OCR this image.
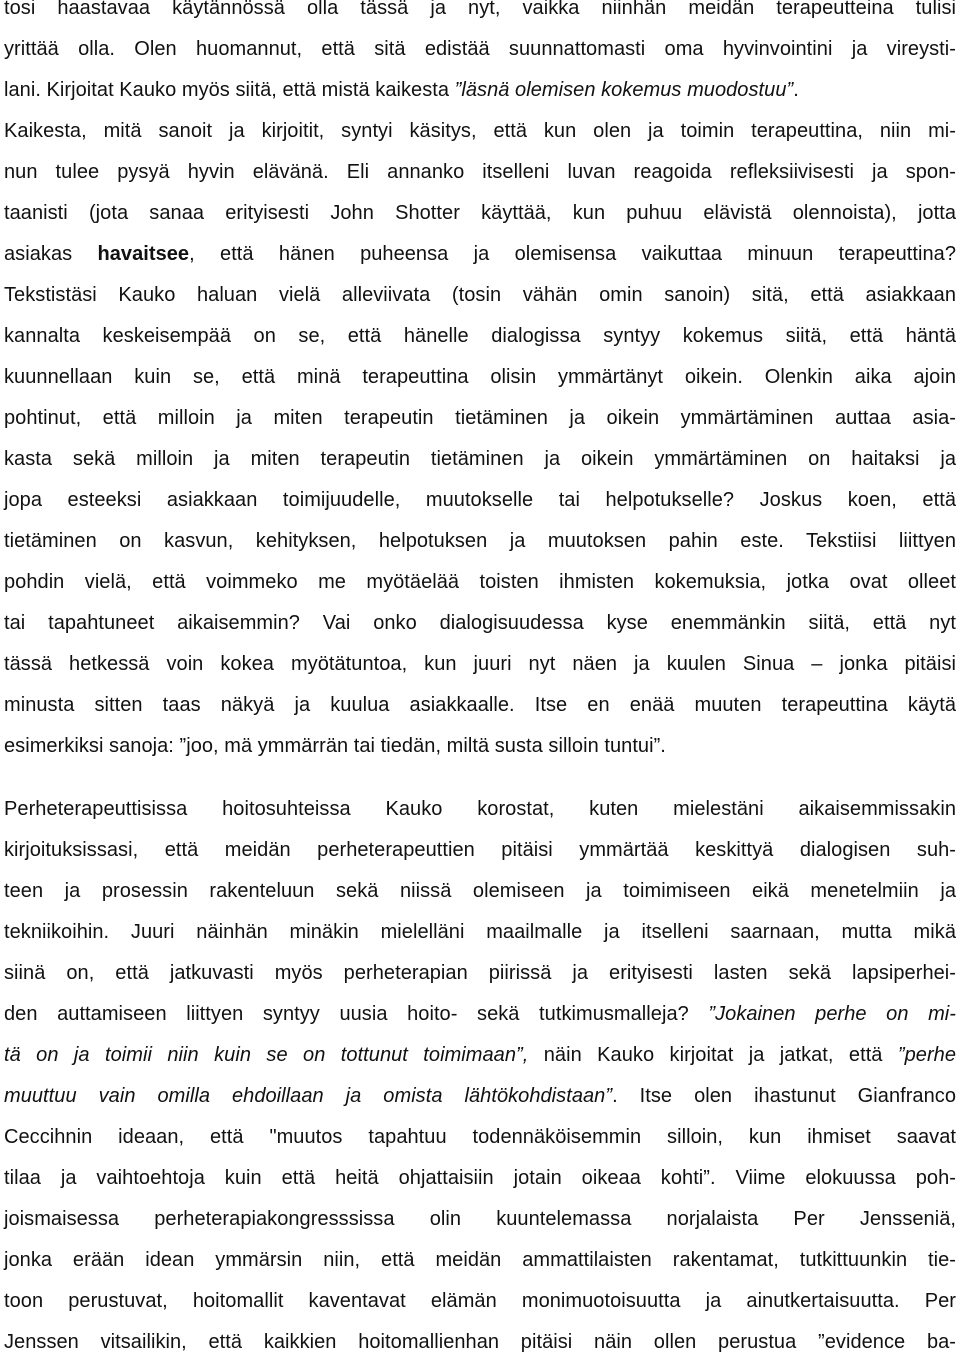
tosi haastavaa käytännössä olla tässä ja nyt, vaikka niinhän meidän terapeutteina tulisi
yrittää olla. Olen huomannut, että sitä edistää suunnattomasti oma hyvinvointini ja vireysti-
lani. Kirjoitat Kauko myös siitä, että mistä kaikesta ”läsnä olemisen kokemus muodostuu”.
Kaikesta, mitä sanoit ja kirjoitit, syntyi käsitys, että kun olen ja toimin terapeuttina, niin mi-
nun tulee pysyä hyvin elävänä. Eli annanko itselleni luvan reagoida refleksiivisesti ja spon-
taanisti (jota sanaa erityisesti John Shotter käyttää, kun puhuu elävistä olennoista), jotta
asiakas havaitsee, että hänen puheensa ja olemisensa vaikuttaa minuun terapeuttina?
Tekstistäsi Kauko haluan vielä alleviivata (tosin vähän omin sanoin) sitä, että asiakkaan
kannalta keskeisempää on se, että hänelle dialogissa syntyy kokemus siitä, että häntä
kuunnellaan kuin se, että minä terapeuttina olisin ymmärtänyt oikein. Olenkin aika ajoin
pohtinut, että milloin ja miten terapeutin tietäminen ja oikein ymmärtäminen auttaa asia-
kasta sekä milloin ja miten terapeutin tietäminen ja oikein ymmärtäminen on haitaksi ja
jopa esteeksi asiakkaan toimijuudelle, muutokselle tai helpotukselle? Joskus koen, että
tietäminen on kasvun, kehityksen, helpotuksen ja muutoksen pahin este. Tekstiisi liittyen
pohdin vielä, että voimmeko me myötäelää toisten ihmisten kokemuksia, jotka ovat olleet
tai tapahtuneet aikaisemmin? Vai onko dialogisuudessa kyse enemmänkin siitä, että nyt
tässä hetkessä voin kokea myötätuntoa, kun juuri nyt näen ja kuulen Sinua – jonka pitäisi
minusta sitten taas näkyä ja kuulua asiakkaalle. Itse en enää muuten terapeuttina käytä
esimerkiksi sanoja: ”joo, mä ymmärrän tai tiedän, miltä susta silloin tuntui”.
Perheterapeuttisissa hoitosuhteissa Kauko korostat, kuten mielestäni aikaisemmissakin
kirjoituksissasi, että meidän perheterapeuttien pitäisi ymmärtää keskittyä dialogisen suh-
teen ja prosessin rakenteluun sekä niissä olemiseen ja toimimiseen eikä menetelmiin ja
tekniikoihin. Juuri näinhän minäkin mielelläni maailmalle ja itselleni saarnaan, mutta mikä
siinä on, että jatkuvasti myös perheterapian piirissä ja erityisesti lasten sekä lapsiperhei-
den auttamiseen liittyen syntyy uusia hoito- sekä tutkimusmalleja? ”Jokainen perhe on mi-
tä on ja toimii niin kuin se on tottunut toimimaan”, näin Kauko kirjoitat ja jatkat, että ”perhe
muuttuu vain omilla ehdoillaan ja omista lähtökohdistaan”. Itse olen ihastunut Gianfranco
Ceccihnin ideaan, että "muutos tapahtuu todennäköisemmin silloin, kun ihmiset saavat
tilaa ja vaihtoehtoja kuin että heitä ohjattaisiin jotain oikeaa kohti”. Viime elokuussa poh-
joismaisessa perheterapiakongresssissa olin kuuntelemassa norjalaista Per Jensseniä,
jonka erään idean ymmärsin niin, että meidän ammattilaisten rakentamat, tutkittuunkin tie-
toon perustuvat, hoitomallit kaventavat elämän monimuotoisuutta ja ainutkertaisuutta. Per
Jenssen vitsailikin, että kaikkien hoitomallienhan pitäisi näin ollen perustua ”evidence ba-
